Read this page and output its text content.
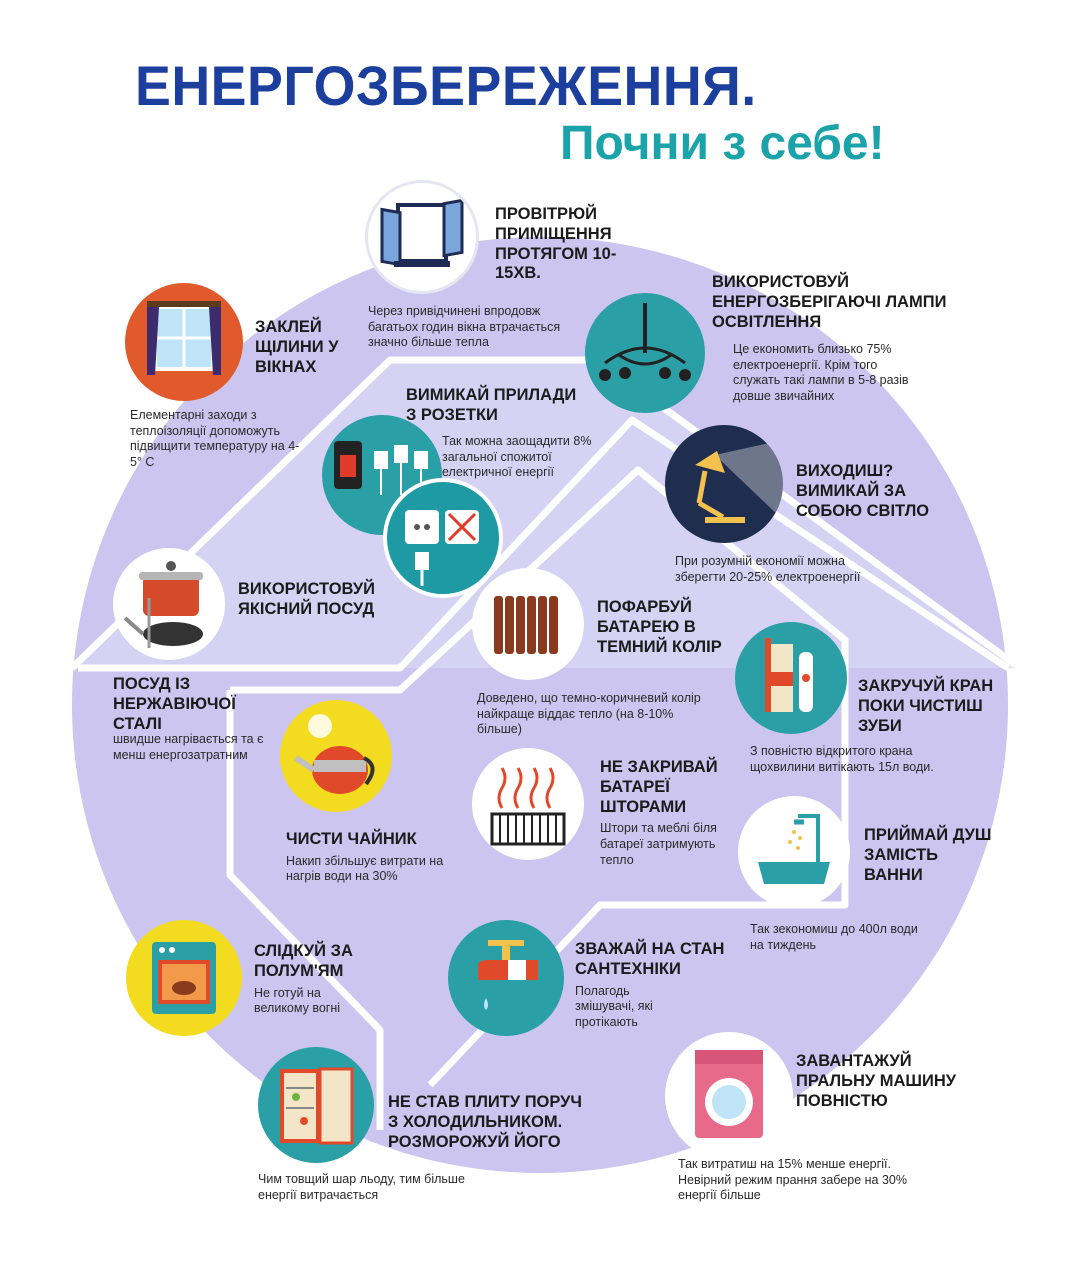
ЕНЕРГОЗБЕРЕЖЕННЯ.
Почни з себе!
ПРОВІТРЮЙ ПРИМІЩЕННЯ ПРОТЯГОМ 10-15ХВ.
Через привідчинені впродовж багатьох годин вікна втрачається значно більше тепла
ЗАКЛЕЙ ЩІЛИНИ У ВІКНАХ
Елементарні заходи з теплоізоляції допоможуть підвищити температуру на 4-5° С
ВИКОРИСТОВУЙ ЕНЕРГОЗБЕРІГАЮЧІ ЛАМПИ ОСВІТЛЕННЯ
Це економить близько 75% електроенергії. Крім того служать такі лампи в 5-8 разів довше звичайних
ВИМИКАЙ ПРИЛАДИ З РОЗЕТКИ
Так можна заощадити 8% загальної спожитої електричної енергії	ВИХОДИШ? ВИМИКАЙ ЗА СОБОЮ СВІТЛО
При розумній економії можна зберегти 20-25% електроенергії
ВИКОРИСТОВУЙ ЯКІСНИЙ ПОСУД
ПОСУД ІЗ НЕРЖАВІЮЧОЇ СТАЛІ
швидше нагрівається та є менш енергозатратним
ПОФАРБУЙ БАТАРЕЮ В ТЕМНИЙ КОЛІР
Доведено, що темно-коричневий колір найкраще віддає тепло (на 8-10% більше)
ЗАКРУЧУЙ КРАН ПОКИ ЧИСТИШ ЗУБИ
З повністю відкритого крана щохвилини витікають 15л води.
ЧИСТИ ЧАЙНИК
Накип збільшує витрати на нагрів води на 30%
НЕ ЗАКРИВАЙ БАТАРЕЇ ШТОРАМИ
Штори та меблі біля батареї затримують тепло
ПРИЙМАЙ ДУШ ЗАМІСТЬ ВАННИ
Так зекономиш до 400л води на тиждень
СЛІДКУЙ ЗА ПОЛУМ'ЯМ
Не готуй на великому вогні
ЗВАЖАЙ НА СТАН САНТЕХНІКИ
Полагодь змішувачі, які протікають
НЕ СТАВ ПЛИТУ ПОРУЧ З ХОЛОДИЛЬНИКОМ. РОЗМОРОЖУЙ ЙОГО
Чим товщий шар льоду, тим більше енергії витрачається
ЗАВАНТАЖУЙ ПРАЛЬНУ МАШИНУ ПОВНІСТЮ
Так витратиш на 15% менше енергії. Невірний режим прання забере на 30% енергії більше
